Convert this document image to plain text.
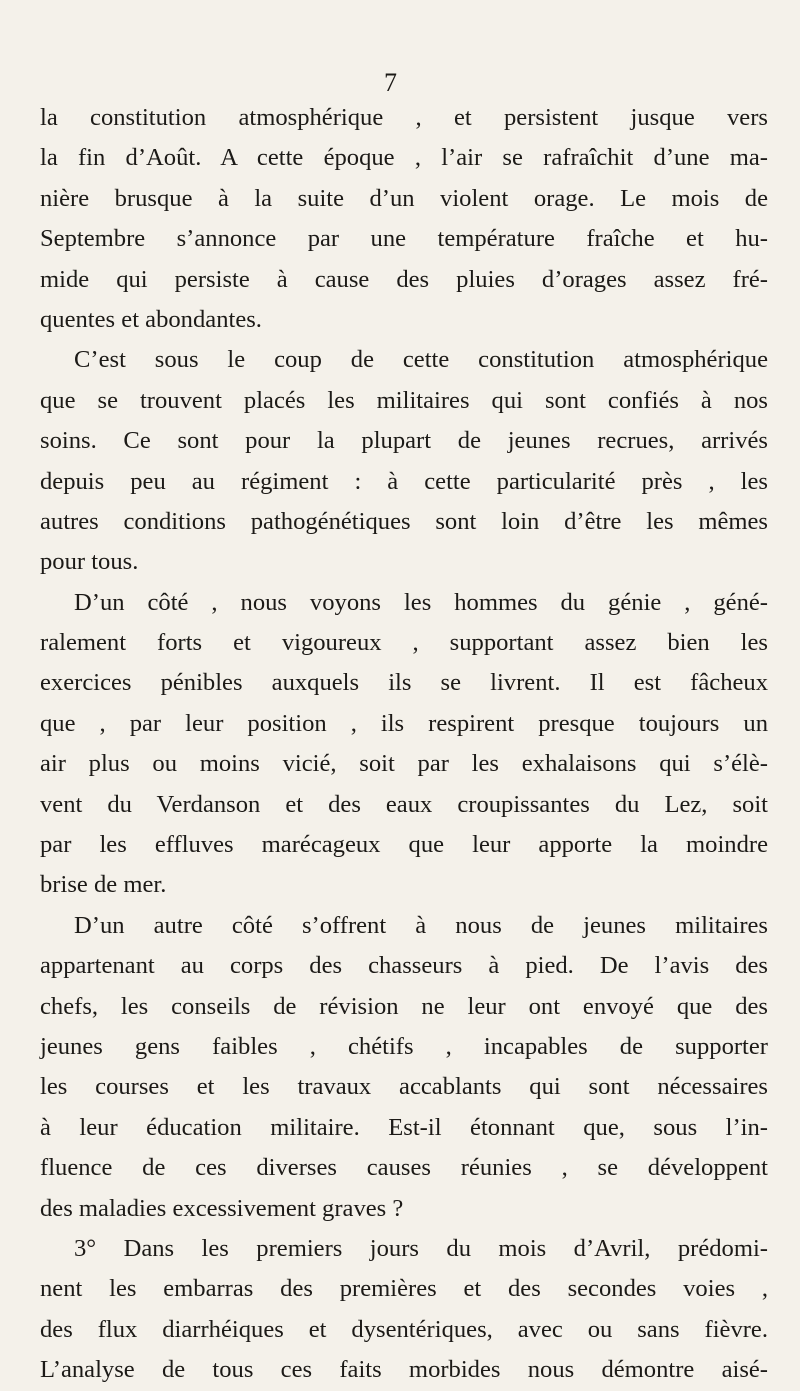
7
la constitution atmosphérique , et persistent jusque vers
la fin d’Août. A cette époque , l’air se rafraîchit d’une ma-
nière brusque à la suite d’un violent orage. Le mois de
Septembre s’annonce par une température fraîche et hu-
mide qui persiste à cause des pluies d’orages assez fré-
quentes et abondantes.
C’est sous le coup de cette constitution atmosphérique
que se trouvent placés les militaires qui sont confiés à nos
soins. Ce sont pour la plupart de jeunes recrues, arrivés
depuis peu au régiment : à cette particularité près , les
autres conditions pathogénétiques sont loin d’être les mêmes
pour tous.
D’un côté , nous voyons les hommes du génie , géné-
ralement forts et vigoureux , supportant assez bien les
exercices pénibles auxquels ils se livrent. Il est fâcheux
que , par leur position , ils respirent presque toujours un
air plus ou moins vicié, soit par les exhalaisons qui s’élè-
vent du Verdanson et des eaux croupissantes du Lez, soit
par les effluves marécageux que leur apporte la moindre
brise de mer.
D’un autre côté s’offrent à nous de jeunes militaires
appartenant au corps des chasseurs à pied. De l’avis des
chefs, les conseils de révision ne leur ont envoyé que des
jeunes gens faibles , chétifs , incapables de supporter
les courses et les travaux accablants qui sont nécessaires
à leur éducation militaire. Est-il étonnant que, sous l’in-
fluence de ces diverses causes réunies , se développent
des maladies excessivement graves ?
3° Dans les premiers jours du mois d’Avril, prédomi-
nent les embarras des premières et des secondes voies ,
des flux diarrhéiques et dysentériques, avec ou sans fièvre.
L’analyse de tous ces faits morbides nous démontre aisé-
